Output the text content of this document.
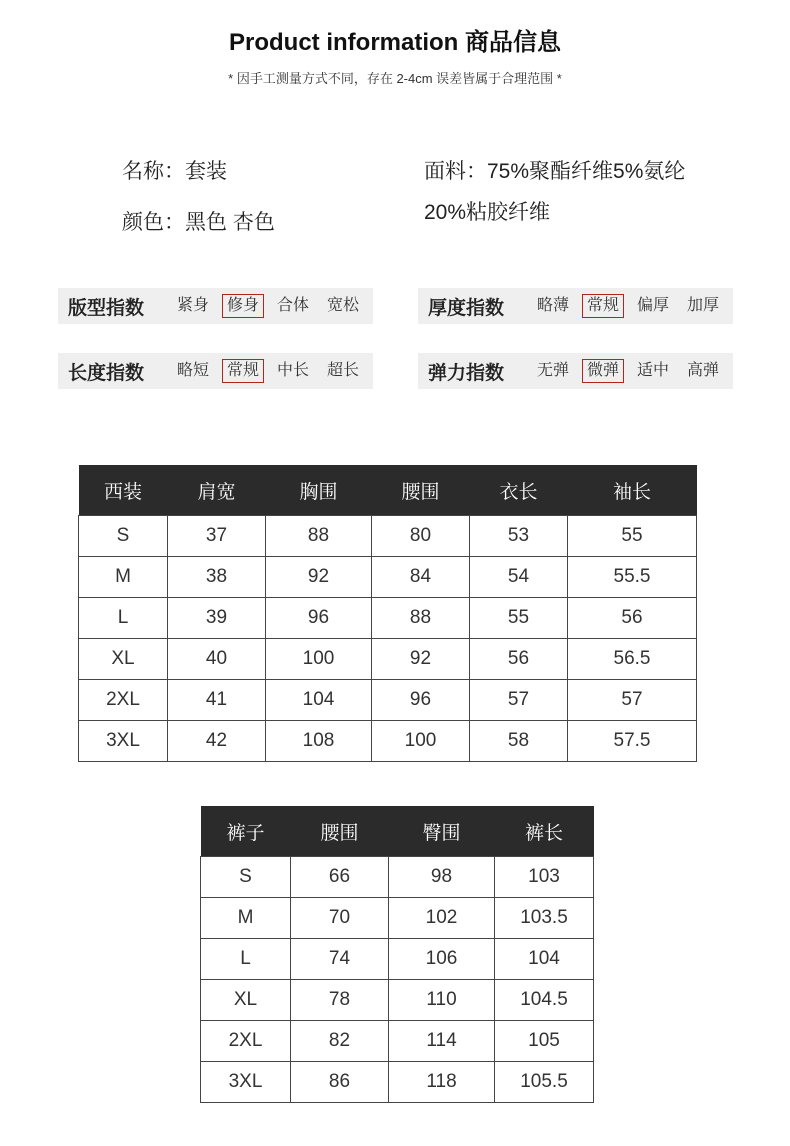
Product information 商品信息
* 因手工测量方式不同，存在 2-4cm 误差皆属于合理范围 *
名称：套装
颜色：黑色 杏色
面料：75%聚酯纤维5%氨纶
20%粘胶纤维
版型指数	紧身	修身	合体	宽松	厚度指数	略薄	常规	偏厚	加厚
长度指数	略短	常规	中长	超长	弹力指数	无弹	微弹	适中	高弹
西装	肩宽	胸围	腰围	衣长	袖长
S	37	88	80	53	55
M	38	92	84	54	55.5
L	39	96	88	55	56
XL	40	100	92	56	56.5
2XL	41	104	96	57	57
3XL	42	108	100	58	57.5
裤子	腰围	臀围	裤长
S	66	98	103
M	70	102	103.5
L	74	106	104
XL	78	110	104.5
2XL	82	114	105
3XL	86	118	105.5
